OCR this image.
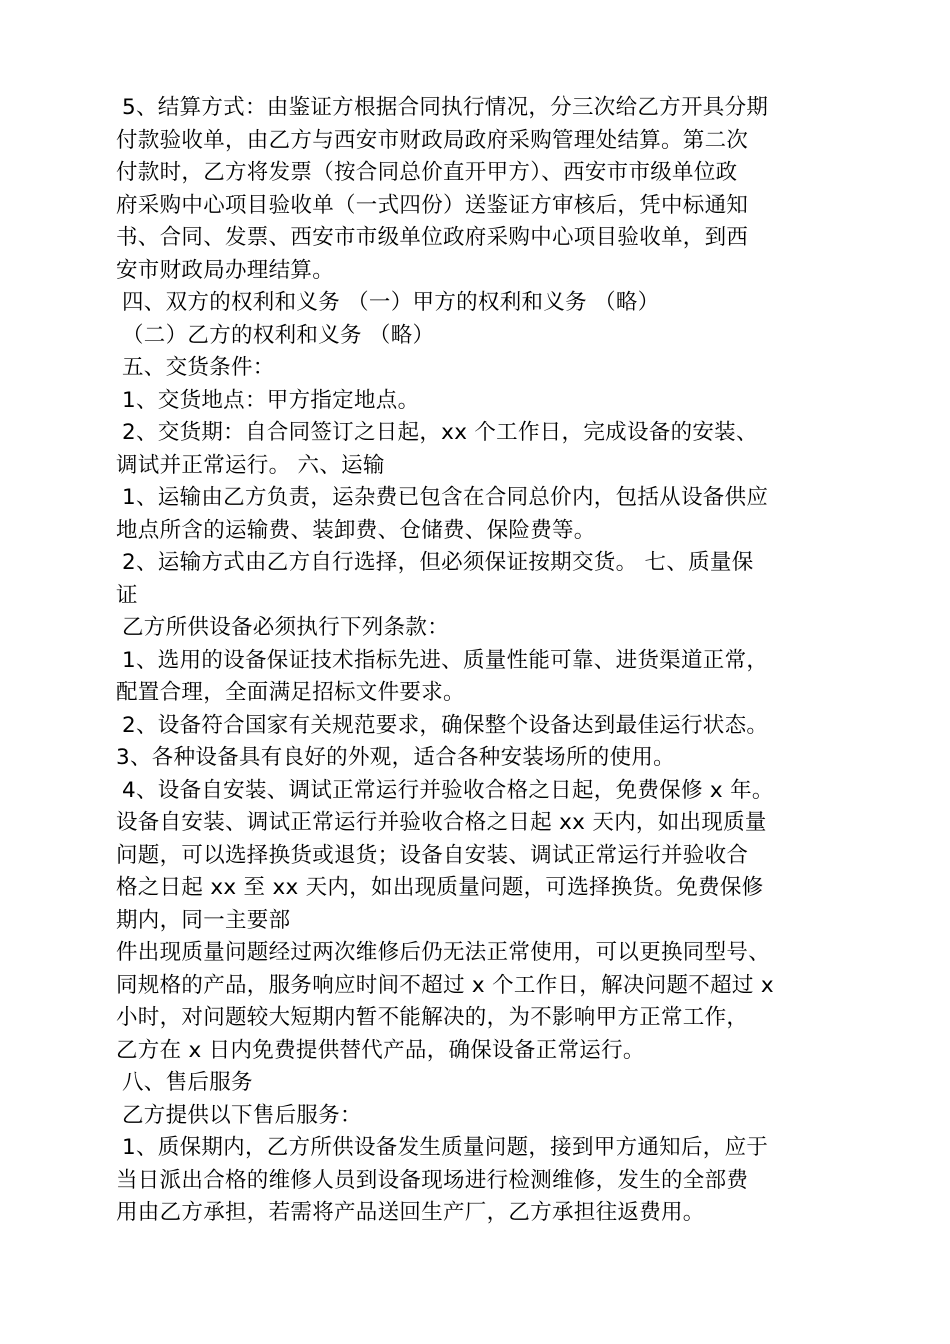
5、结算方式：由鉴证方根据合同执行情况，分三次给乙方开具分期
付款验收单，由乙方与西安市财政局政府采购管理处结算。第二次
付款时，乙方将发票（按合同总价直开甲方）、西安市市级单位政
府采购中心项目验收单（一式四份）送鉴证方审核后，凭中标通知
书、合同、发票、西安市市级单位政府采购中心项目验收单，到西
安市财政局办理结算。
四、双方的权利和义务 （一）甲方的权利和义务 （略）
（二）乙方的权利和义务 （略）
五、交货条件：
1、交货地点：甲方指定地点。
2、交货期：自合同签订之日起，xx 个工作日，完成设备的安装、
调试并正常运行。 六、运输
1、运输由乙方负责，运杂费已包含在合同总价内，包括从设备供应
地点所含的运输费、装卸费、仓储费、保险费等。
2、运输方式由乙方自行选择，但必须保证按期交货。 七、质量保
证
乙方所供设备必须执行下列条款：
1、选用的设备保证技术指标先进、质量性能可靠、进货渠道正常，
配置合理，全面满足招标文件要求。
2、设备符合国家有关规范要求，确保整个设备达到最佳运行状态。
3、各种设备具有良好的外观，适合各种安装场所的使用。
4、设备自安装、调试正常运行并验收合格之日起，免费保修 x 年。
设备自安装、调试正常运行并验收合格之日起 xx 天内，如出现质量
问题，可以选择换货或退货；设备自安装、调试正常运行并验收合
格之日起 xx 至 xx 天内，如出现质量问题，可选择换货。免费保修
期内，同一主要部
件出现质量问题经过两次维修后仍无法正常使用，可以更换同型号、
同规格的产品，服务响应时间不超过 x 个工作日，解决问题不超过 x
小时，对问题较大短期内暂不能解决的，为不影响甲方正常工作，
乙方在 x 日内免费提供替代产品，确保设备正常运行。
八、售后服务
乙方提供以下售后服务：
1、质保期内，乙方所供设备发生质量问题，接到甲方通知后，应于
当日派出合格的维修人员到设备现场进行检测维修，发生的全部费
用由乙方承担，若需将产品送回生产厂，乙方承担往返费用。
